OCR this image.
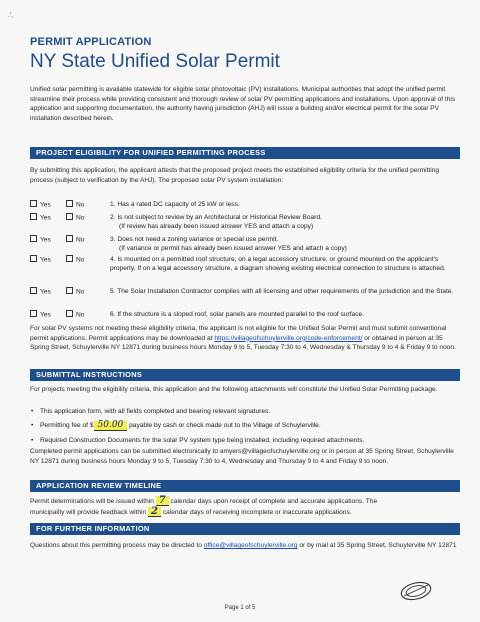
.',
PERMIT APPLICATION
NY State Unified Solar Permit
Unified solar permitting is available statewide for eligible solar photovoltaic (PV) installations. Municipal authorities that adopt the unified permit streamline their process while providing consistent and thorough review of solar PV permitting applications and installations. Upon approval of this application and supporting documentation, the authority having jurisdiction (AHJ) will issue a building and/or electrical permit for the solar PV installation described herein.
PROJECT ELIGIBILITY FOR UNIFIED PERMITTING PROCESS
By submitting this application, the applicant attests that the proposed project meets the established eligibility criteria for the unified permitting process (subject to verification by the AHJ). The proposed solar PV system installation:
Yes	No	1. Has a rated DC capacity of 25 kW or less.
Yes	No	2. Is not subject to review by an Architectural or Historical Review Board.
(If review has already been issued answer YES and attach a copy)
Yes	No	3. Does not need a zoning variance or special use permit.
(If variance or permit has already been issued answer YES and attach a copy)
Yes	No	4. Is mounted on a permitted roof structure, on a legal accessory structure, or ground mounted on the applicant's property. If on a legal accessory structure, a diagram showing existing electrical connection to structure is attached.
Yes	No	5. The Solar Installation Contractor complies with all licensing and other requirements of the jurisdiction and the State.
Yes	No	6. If the structure is a sloped roof, solar panels are mounted parallel to the roof surface.
For solar PV systems not meeting these eligibility criteria, the applicant is not eligible for the Unified Solar Permit and must submit conventional permit applications. Permit applications may be downloaded at https://villageofschuylerville.org/code-enforcement/ or obtained in person at 35 Spring Street, Schuylerville NY 12871 during business hours Monday 9 to 5, Tuesday 7:30 to 4, Wednesday & Thursday 9 to 4 & Friday 9 to noon.
SUBMITTAL INSTRUCTIONS
For projects meeting the eligibility criteria, this application and the following attachments will constitute the Unified Solar Permitting package.
• This application form, with all fields completed and bearing relevant signatures.
• Permitting fee of $ 50.00 payable by cash or check made out to the Village of Schuylerville.
• Required Construction Documents for the solar PV system type being installed, including required attachments.
Completed permit applications can be submitted electronically to amyers@villageofschuylerville.org or in person at 35 Spring Street, Schuylerville NY 12871 during business hours Monday 9 to 5, Tuesday 7:30 to 4, Wednesday and Thursday 9 to 4 and Friday 9 to noon.
APPLICATION REVIEW TIMELINE
Permit determinations will be issued within 7 calendar days upon receipt of complete and accurate applications. The
municipality will provide feedback within 2 calendar days of receiving incomplete or inaccurate applications.
FOR FURTHER INFORMATION
Questions about this permitting process may be directed to office@villageofschuylerville.org or by mail at 35 Spring Street, Schuylerville NY 12871
Page 1 of 5
